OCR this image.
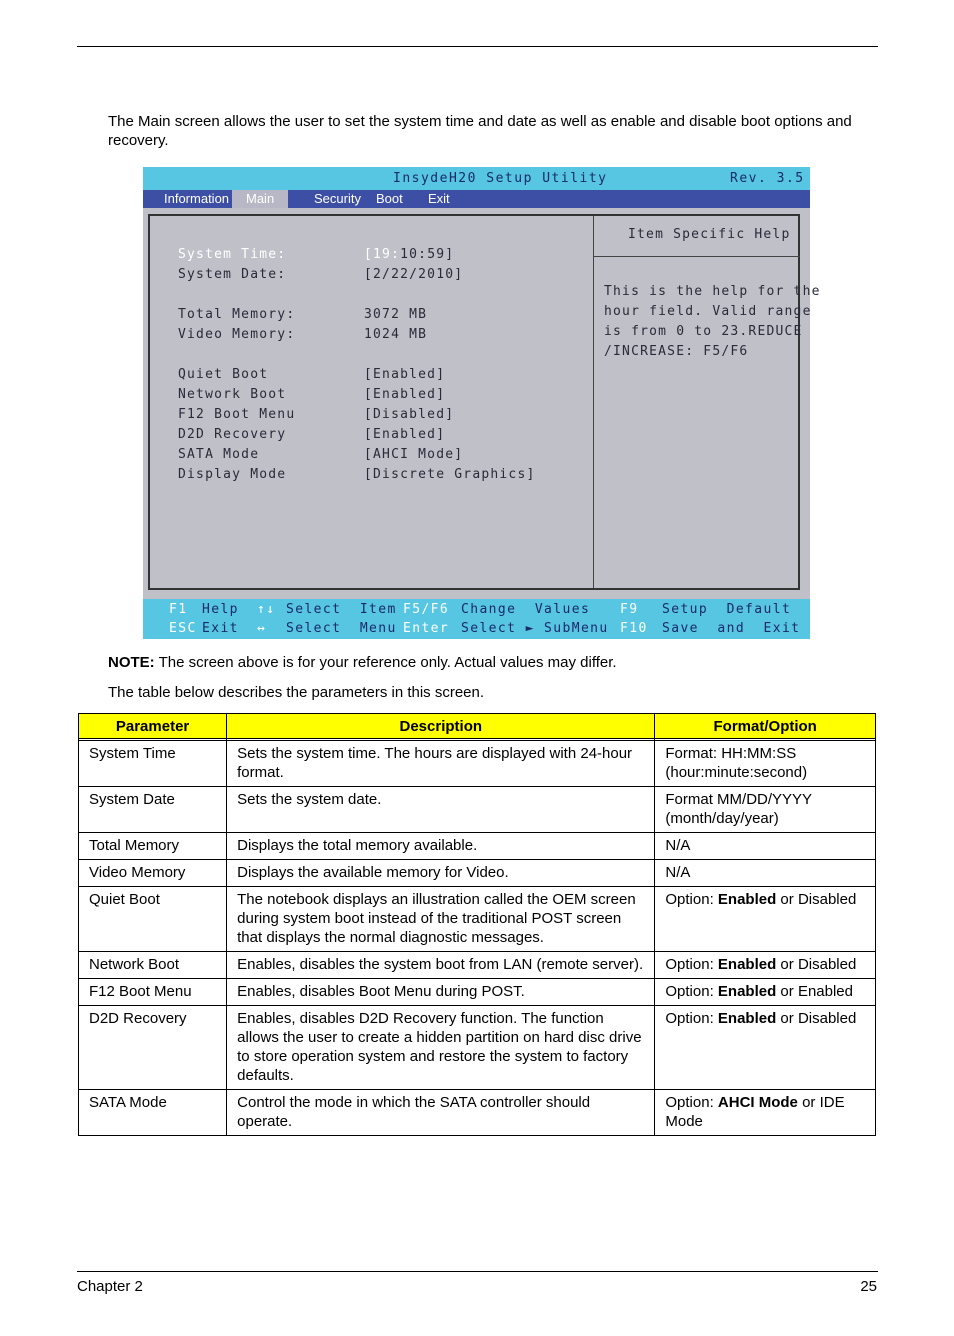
The Main screen allows the user to set the system time and date as well as enable and disable boot options and recovery.
InsydeH20 Setup Utility	Rev. 3.5
Information	Main	Security Boot Exit
System Time:	[19:10:59]
System Date:	[2/22/2010]
Total Memory:	3072 MB
Video Memory:	1024 MB
Quiet Boot	[Enabled]
Network Boot	[Enabled]
F12 Boot Menu	[Disabled]
D2D Recovery	[Enabled]
SATA Mode	[AHCI Mode]
Display Mode	[Discrete Graphics]
Item Specific Help
This is the help for the
hour field. Valid range
is from 0 to 23.REDUCE
/INCREASE: F5/F6
F1 Help ↑↓ Select  Item F5/F6 Change  Values F9 Setup  Default
ESC Exit ↔ Select  Menu Enter Select ► SubMenu F10 Save  and  Exit
NOTE: The screen above is for your reference only. Actual values may differ.
The table below describes the parameters in this screen.
Parameter	Description	Format/Option

System Time	Sets the system time. The hours are displayed with 24-hour format.	Format: HH:MM:SS (hour:minute:second)
System Date	Sets the system date.	Format MM/DD/YYYY (month/day/year)
Total Memory	Displays the total memory available.	N/A
Video Memory	Displays the available memory for Video.	N/A
Quiet Boot	The notebook displays an illustration called the OEM screen during system boot instead of the traditional POST screen that displays the normal diagnostic messages.	Option: Enabled or Disabled
Network Boot	Enables, disables the system boot from LAN (remote server).	Option: Enabled or Disabled
F12 Boot Menu	Enables, disables Boot Menu during POST.	Option: Enabled or Enabled
D2D Recovery	Enables, disables D2D Recovery function. The function allows the user to create a hidden partition on hard disc drive to store operation system and restore the system to factory defaults.	Option: Enabled or Disabled
SATA Mode	Control the mode in which the SATA controller should operate.	Option: AHCI Mode or IDE Mode
Chapter 2	25
